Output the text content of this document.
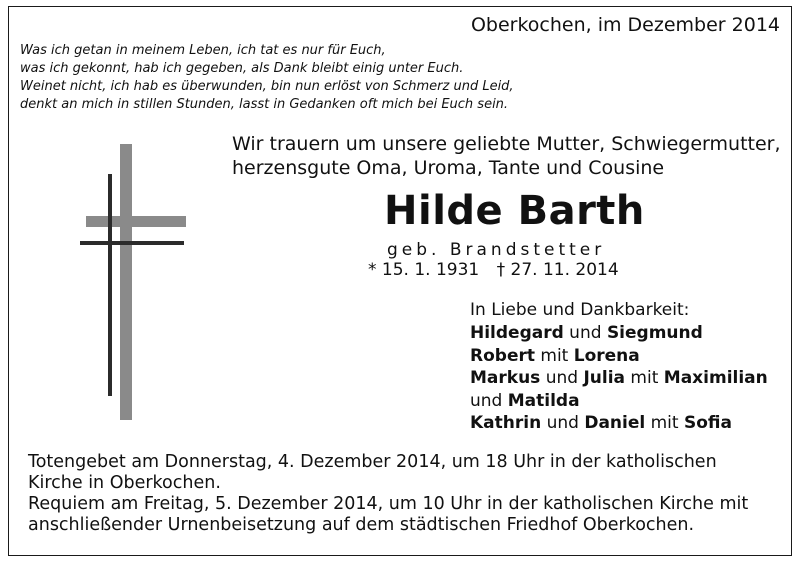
Oberkochen, im Dezember 2014
Was ich getan in meinem Leben, ich tat es nur für Euch,
was ich gekonnt, hab ich gegeben, als Dank bleibt einig unter Euch.
Weinet nicht, ich hab es überwunden, bin nun erlöst von Schmerz und Leid,
denkt an mich in stillen Stunden, lasst in Gedanken oft mich bei Euch sein.
Wir trauern um unsere geliebte Mutter, Schwiegermutter,
herzensgute Oma, Uroma, Tante und Cousine
Hilde Barth
geb. Brandstetter
* 15. 1. 1931 † 27. 11. 2014
In Liebe und Dankbarkeit:
Hildegard und Siegmund
Robert mit Lorena
Markus und Julia mit Maximilian
und Matilda
Kathrin und Daniel mit Sofia
Totengebet am Donnerstag, 4. Dezember 2014, um 18 Uhr in der katholischen
Kirche in Oberkochen.
Requiem am Freitag, 5. Dezember 2014, um 10 Uhr in der katholischen Kirche mit
anschließender Urnenbeisetzung auf dem städtischen Friedhof Oberkochen.
